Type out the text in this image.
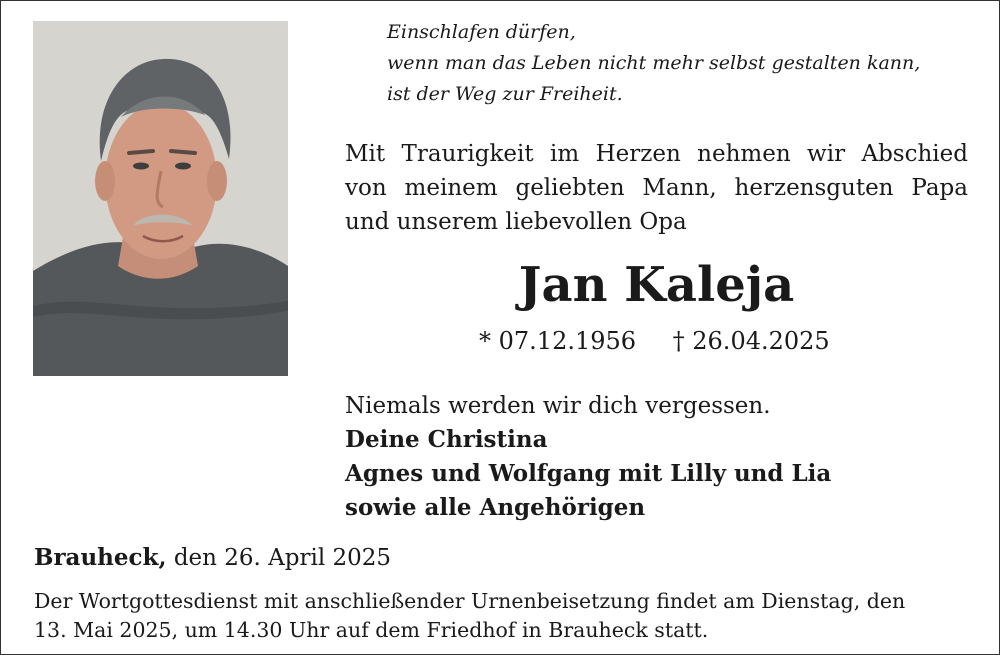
Einschlafen dürfen,
wenn man das Leben nicht mehr selbst gestalten kann,
ist der Weg zur Freiheit.
Mit Traurigkeit im Herzen nehmen wir Abschied
von meinem geliebten Mann, herzensguten Papa
und unserem liebevollen Opa
Jan Kaleja
* 07.12.1956 † 26.04.2025
Niemals werden wir dich vergessen.
Deine Christina
Agnes und Wolfgang mit Lilly und Lia
sowie alle Angehörigen
Brauheck, den 26. April 2025
Der Wortgottesdienst mit anschließender Urnenbeisetzung findet am Dienstag, den
13. Mai 2025, um 14.30 Uhr auf dem Friedhof in Brauheck statt.
